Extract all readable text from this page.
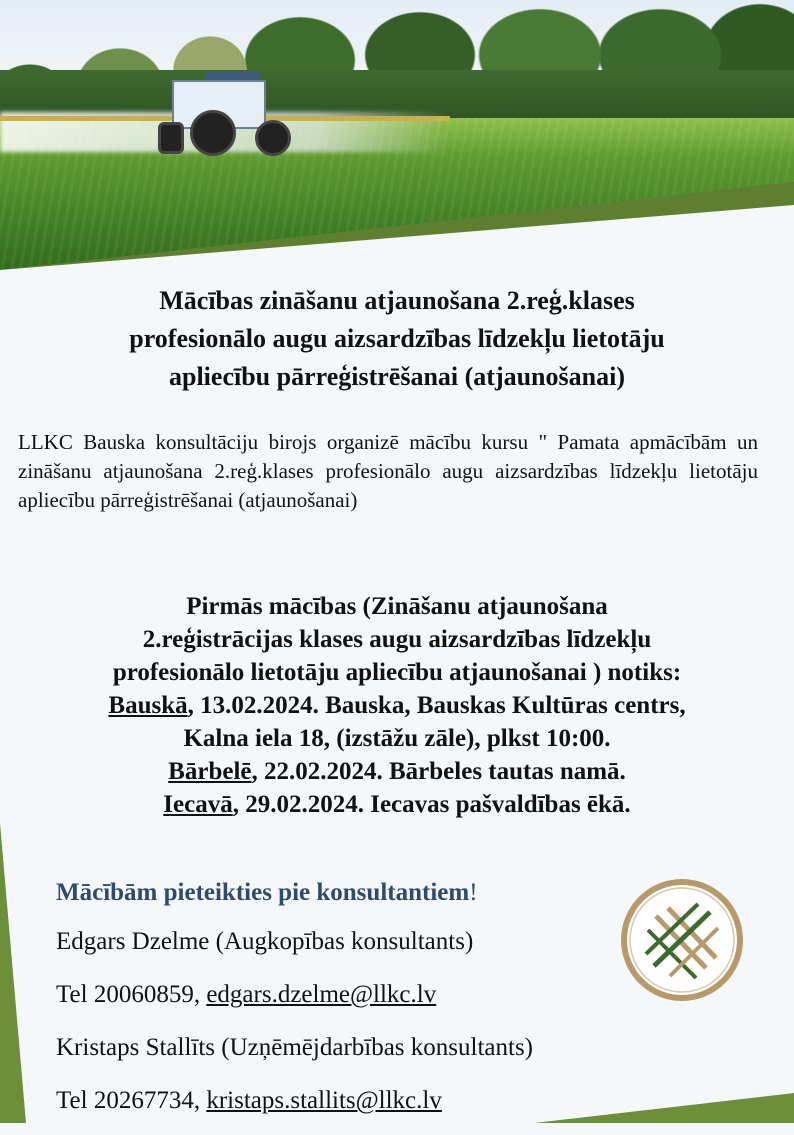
Mācības zināšanu atjaunošana 2.reģ.klases
profesionālo augu aizsardzības līdzekļu lietotāju
apliecību pārreģistrēšanai (atjaunošanai)
LLKC Bauska konsultāciju birojs organizē mācību kursu " Pamata apmācībām un zināšanu atjaunošana 2.reģ.klases profesionālo augu aizsardzības līdzekļu lietotāju apliecību pārreģistrēšanai (atjaunošanai)
Pirmās mācības (Zināšanu atjaunošana
2.reģistrācijas klases augu aizsardzības līdzekļu
profesionālo lietotāju apliecību atjaunošanai ) notiks:
Bauskā, 13.02.2024. Bauska, Bauskas Kultūras centrs,
Kalna iela 18, (izstāžu zāle), plkst 10:00.
Bārbelē, 22.02.2024. Bārbeles tautas namā.
Iecavā, 29.02.2024. Iecavas pašvaldības ēkā.
Mācībām pieteikties pie konsultantiem!
Edgars Dzelme (Augkopības konsultants)
Tel 20060859, edgars.dzelme@llkc.lv
Kristaps Stallīts (Uzņēmējdarbības konsultants)
Tel 20267734, kristaps.stallits@llkc.lv
